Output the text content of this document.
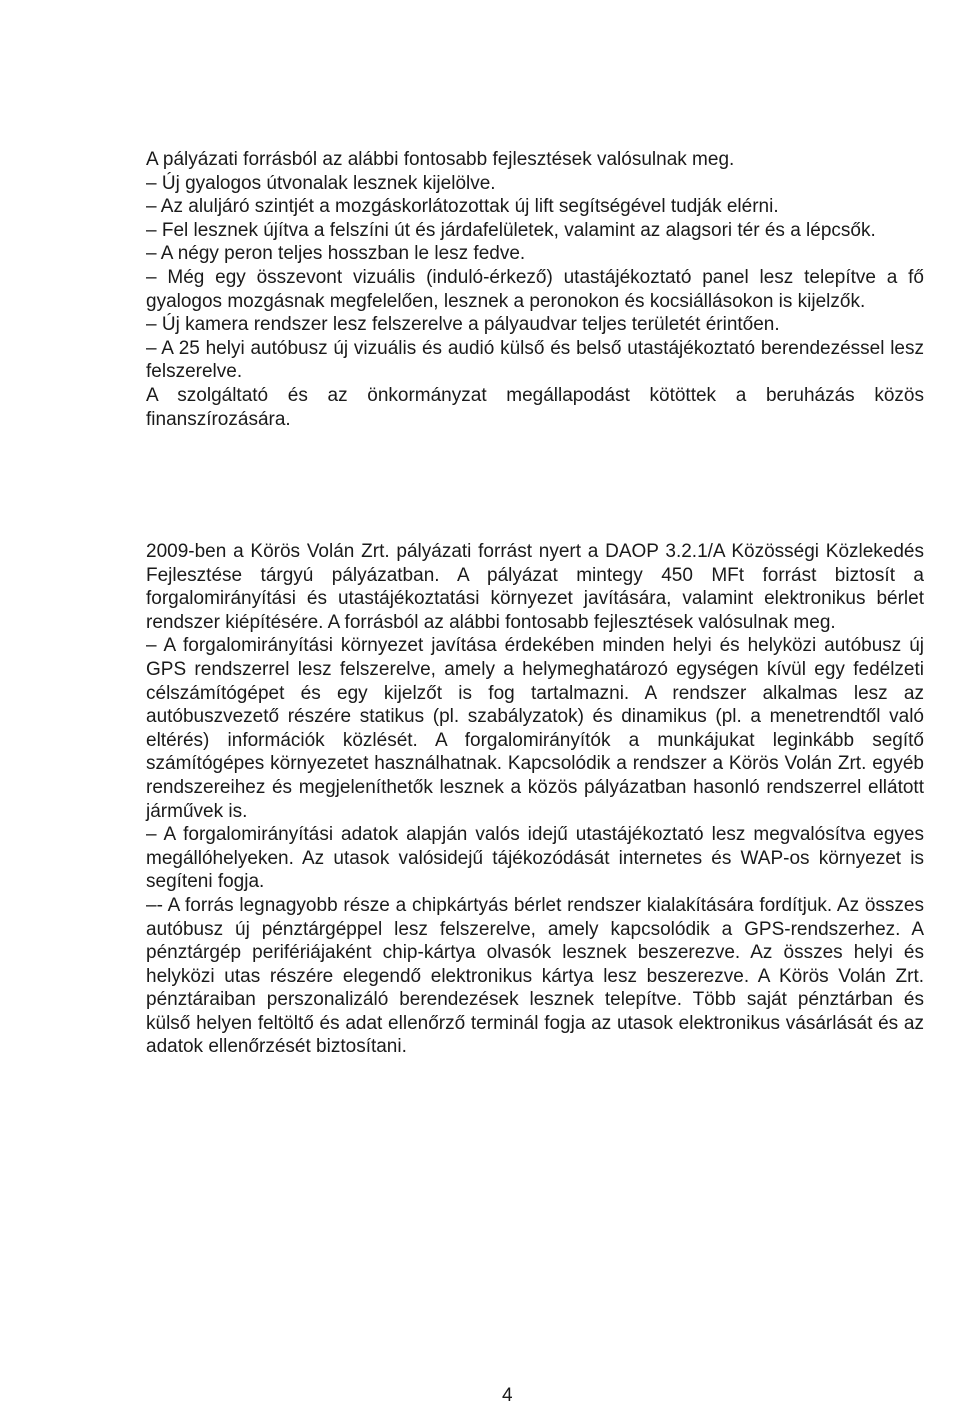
A pályázati forrásból az alábbi fontosabb fejlesztések valósulnak meg.

– Új gyalogos útvonalak lesznek kijelölve.

– Az aluljáró szintjét a mozgáskorlátozottak új lift segítségével tudják elérni.

– Fel lesznek újítva a felszíni út és járdafelületek, valamint az alagsori tér és a lépcsők.

– A négy peron teljes hosszban le lesz fedve.

– Még egy összevont vizuális (induló-érkező) utastájékoztató panel lesz telepítve a fő gyalogos mozgásnak megfelelően, lesznek a peronokon és kocsiállásokon is kijelzők.

– Új kamera rendszer lesz felszerelve a pályaudvar teljes területét érintően.

– A 25 helyi autóbusz új vizuális és audió külső és belső utastájékoztató berendezéssel lesz felszerelve.

A szolgáltató és az önkormányzat megállapodást kötöttek a beruházás közös finanszírozására.

2009-ben a Körös Volán Zrt. pályázati forrást nyert a DAOP 3.2.1/A Közösségi Közlekedés Fejlesztése tárgyú pályázatban. A pályázat mintegy 450 MFt forrást biztosít a forgalomirányítási és utastájékoztatási környezet javítására, valamint elektronikus bérlet rendszer kiépítésére. A forrásból az alábbi fontosabb fejlesztések valósulnak meg.

– A forgalomirányítási környezet javítása érdekében minden helyi és helyközi autóbusz új GPS rendszerrel lesz felszerelve, amely a helymeghatározó egységen kívül egy fedélzeti célszámítógépet és egy kijelzőt is fog tartalmazni. A rendszer alkalmas lesz az autóbuszvezető részére statikus (pl. szabályzatok) és dinamikus (pl. a menetrendtől való eltérés) információk közlését. A forgalomirányítók a munkájukat leginkább segítő számítógépes környezetet használhatnak. Kapcsolódik a rendszer a Körös Volán Zrt. egyéb rendszereihez és megjeleníthetők lesznek a közös pályázatban hasonló rendszerrel ellátott járművek is.

– A forgalomirányítási adatok alapján valós idejű utastájékoztató lesz megvalósítva egyes megállóhelyeken. Az utasok valósidejű tájékozódását internetes és WAP-os környezet is segíteni fogja.

–- A forrás legnagyobb része a chipkártyás bérlet rendszer kialakítására fordítjuk. Az összes autóbusz új pénztárgéppel lesz felszerelve, amely kapcsolódik a GPS-rendszerhez. A pénztárgép perifériájaként chip-kártya olvasók lesznek beszerezve. Az összes helyi és helyközi utas részére elegendő elektronikus kártya lesz beszerezve. A Körös Volán Zrt. pénztáraiban perszonalizáló berendezések lesznek telepítve. Több saját pénztárban és külső helyen feltöltő és adat ellenőrző terminál fogja az utasok elektronikus vásárlását és az adatok ellenőrzését biztosítani.

4
